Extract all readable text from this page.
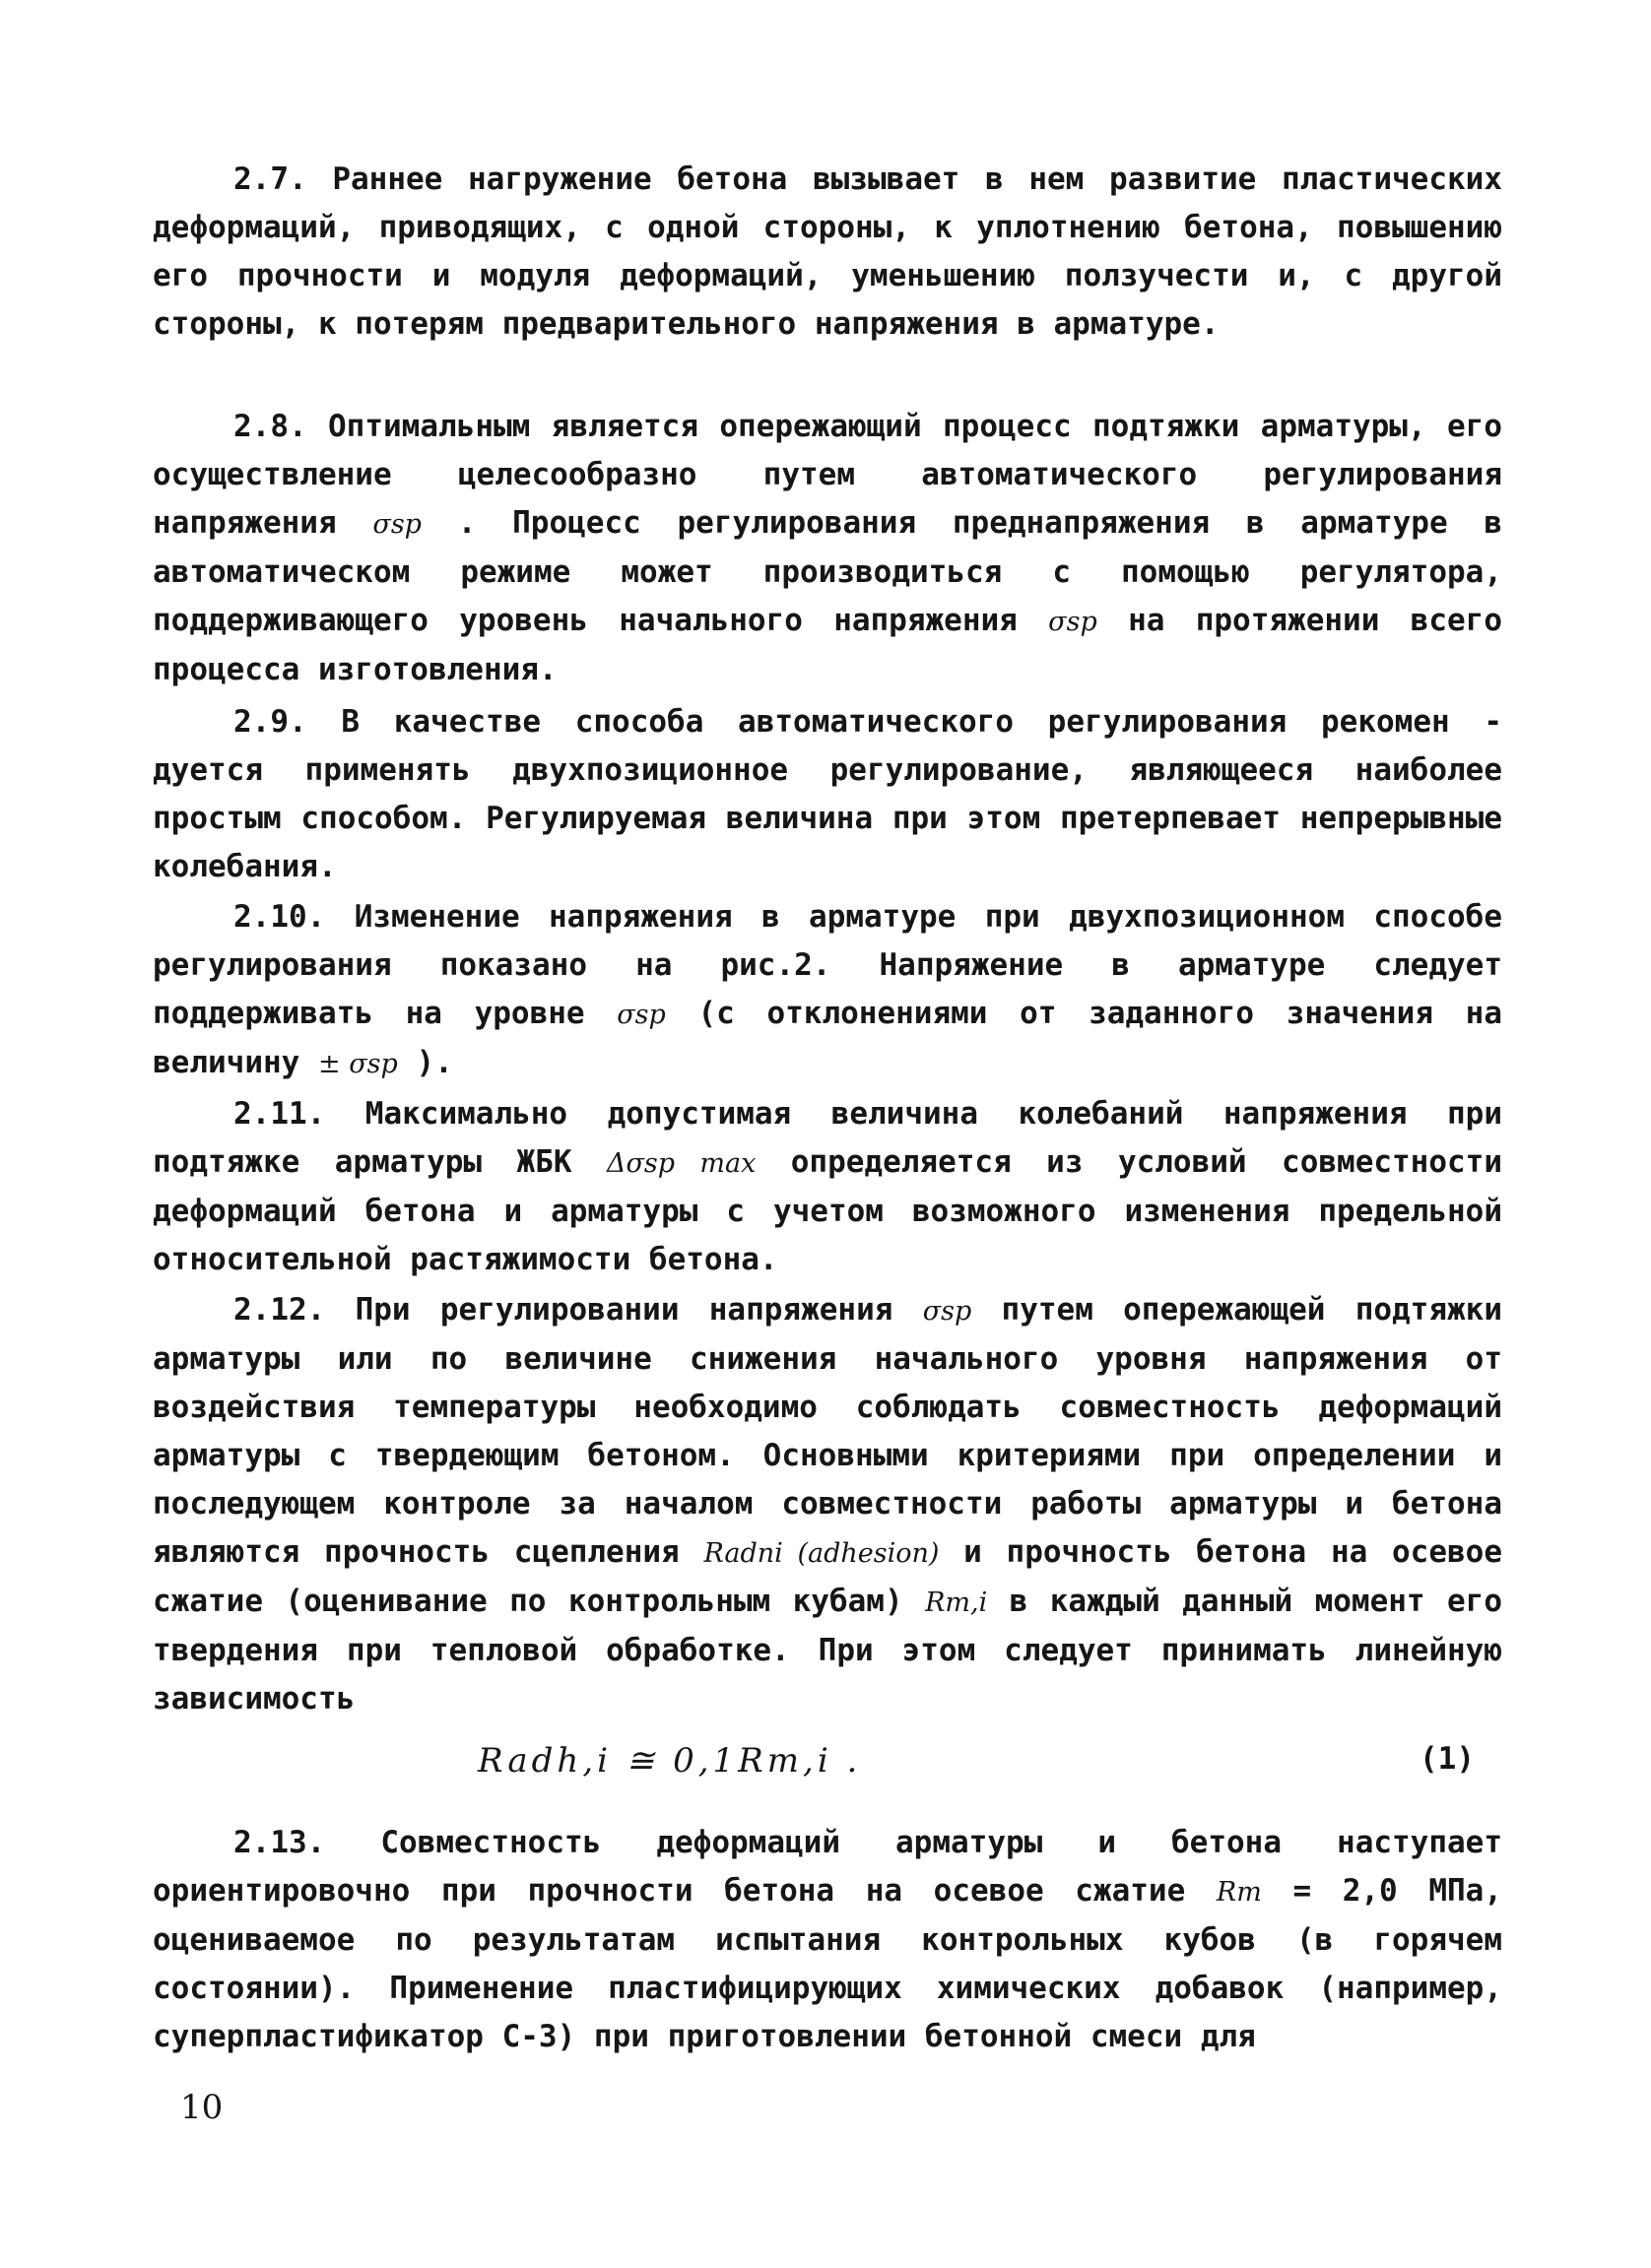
2.7. Раннее нагружение бетона вызывает в нем развитие пластических деформаций, приводящих, с одной стороны, к уплотнению бетона, повышению его прочности и модуля деформаций, уменьшению ползучести и, с другой стороны, к потерям предварительного напряжения в арматуре.

2.8. Оптимальным является опережающий процесс подтяжки арматуры, его осуществление целесообразно путем автоматического регулирования напряжения σsp . Процесс регулирования преднапряжения в арматуре в автоматическом режиме может производиться с помощью регулятора, поддерживающего уровень начального напряжения σsp на протяжении всего процесса изготовления.

2.9. В качестве способа автоматического регулирования рекомен - дуется применять двухпозиционное регулирование, являющееся наиболее простым способом. Регулируемая величина при этом претерпевает непрерывные колебания.

2.10. Изменение напряжения в арматуре при двухпозиционном способе регулирования показано на рис.2. Напряжение в арматуре следует поддерживать на уровне σsp (с отклонениями от заданного значения на величину ± σsp ).

2.11. Максимально допустимая величина колебаний напряжения при подтяжке арматуры ЖБК Δσsp max определяется из условий совместности деформаций бетона и арматуры с учетом возможного изменения предельной относительной растяжимости бетона.

2.12. При регулировании напряжения σsp путем опережающей подтяжки арматуры или по величине снижения начального уровня напряжения от воздействия температуры необходимо соблюдать совместность деформаций арматуры с твердеющим бетоном. Основными критериями при определении и последующем контроле за началом совместности работы арматуры и бетона являются прочность сцепления Radni (adhesion) и прочность бетона на осевое сжатие (оценивание по контрольным кубам) Rm,i в каждый данный момент его твердения при тепловой обработке. При этом следует принимать линейную зависимость

Radh,i ≅ 0,1Rm,i .	(1)

2.13. Совместность деформаций арматуры и бетона наступает ориентировочно при прочности бетона на осевое сжатие Rm = 2,0 МПа, оцениваемое по результатам испытания контрольных кубов (в горячем состоянии). Применение пластифицирующих химических добавок (например, суперпластификатор С-3) при приготовлении бетонной смеси для

10
